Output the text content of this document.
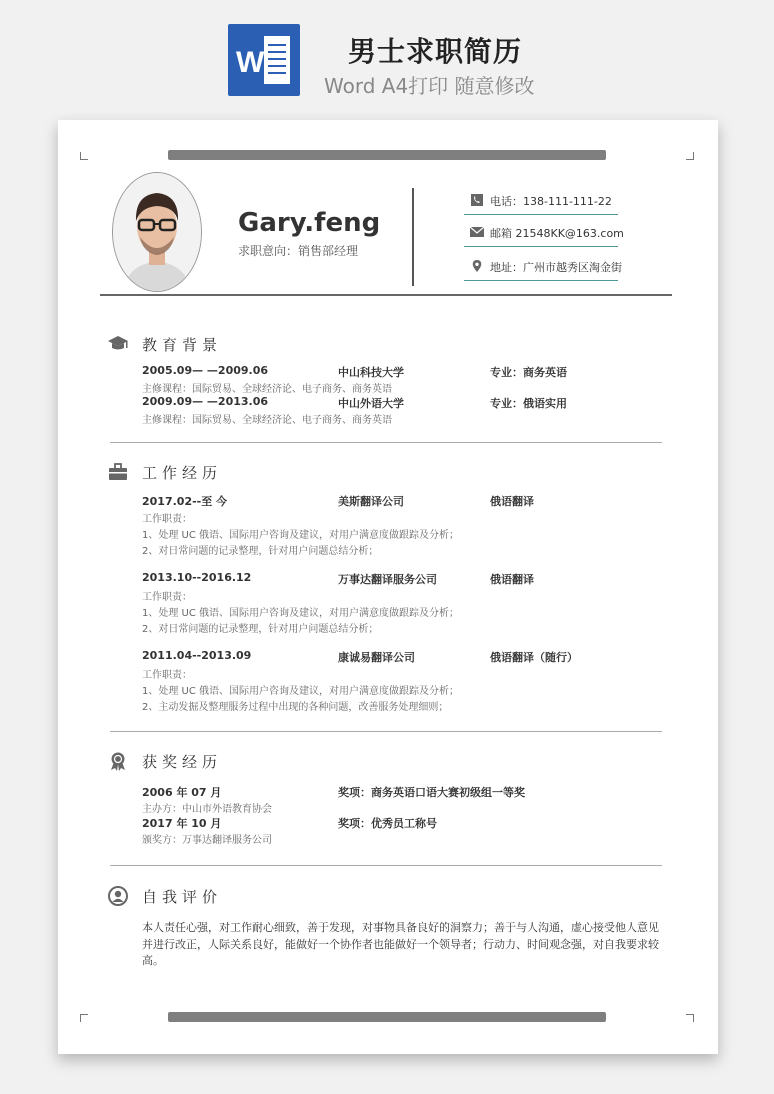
W	男士求职简历
Word A4打印 随意修改
Gary.feng
求职意向：销售部经理
电话：138-111-111-22
邮箱 21548KK@163.com
地址：广州市越秀区淘金街
教育背景
2005.09— —2009.06	中山科技大学	专业：商务英语
主修课程：国际贸易、全球经济论、电子商务、商务英语
2009.09— —2013.06	中山外语大学	专业：俄语实用
主修课程：国际贸易、全球经济论、电子商务、商务英语
工作经历
2017.02--至 今	美斯翻译公司	俄语翻译
工作职责：
1、处理 UC 俄语、国际用户咨询及建议，对用户满意度做跟踪及分析；
2、对日常问题的记录整理，针对用户问题总结分析；
2013.10--2016.12	万事达翻译服务公司	俄语翻译
工作职责：
1、处理 UC 俄语、国际用户咨询及建议，对用户满意度做跟踪及分析；
2、对日常问题的记录整理，针对用户问题总结分析；
2011.04--2013.09	康诚易翻译公司	俄语翻译（随行）
工作职责：
1、处理 UC 俄语、国际用户咨询及建议，对用户满意度做跟踪及分析；
2、主动发掘及整理服务过程中出现的各种问题，改善服务处理细则；
获奖经历
2006 年 07 月	奖项：商务英语口语大赛初级组一等奖
主办方：中山市外语教育协会
2017 年 10 月	奖项：优秀员工称号
颁奖方：万事达翻译服务公司
自我评价
本人责任心强，对工作耐心细致，善于发现，对事物具备良好的洞察力；善于与人沟通，虚心接受他人意见并进行改正，人际关系良好，能做好一个协作者也能做好一个领导者；行动力、时间观念强，对自我要求较高。
